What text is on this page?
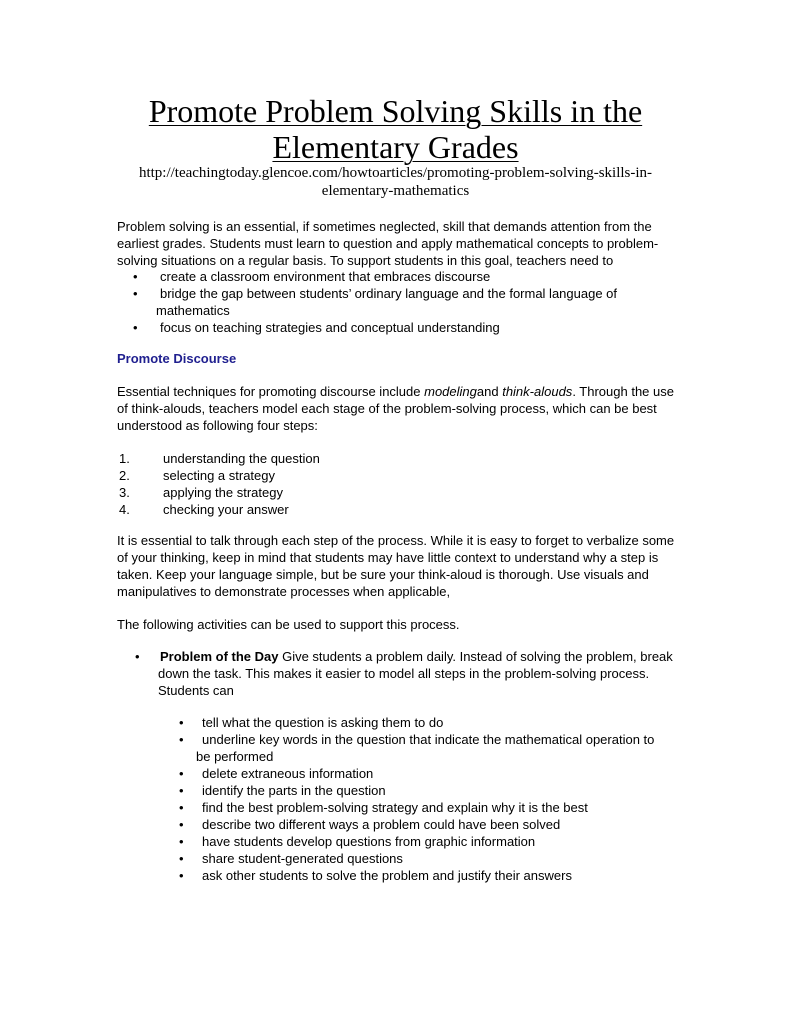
Promote Problem Solving Skills in the
Elementary Grades

http://teachingtoday.glencoe.com/howtoarticles/promoting-problem-solving-skills-in-
elementary-mathematics

Problem solving is an essential, if sometimes neglected, skill that demands attention from the earliest grades. Students must learn to question and apply mathematical concepts to problem-solving situations on a regular basis. To support students in this goal, teachers need to

• create a classroom environment that embraces discourse
• bridge the gap between students’ ordinary language and the formal language of
mathematics
• focus on teaching strategies and conceptual understanding
Promote Discourse

Essential techniques for promoting discourse include modelingand think-alouds. Through the use of think-alouds, teachers model each stage of the problem-solving process, which can be best understood as following four steps:

1.	understanding the question
2.	selecting a strategy
3.	applying the strategy
4.	checking your answer

It is essential to talk through each step of the process. While it is easy to forget to verbalize some of your thinking, keep in mind that students may have little context to understand why a step is taken. Keep your language simple, but be sure your think-aloud is thorough. Use visuals and manipulatives to demonstrate processes when applicable,

The following activities can be used to support this process.

• Problem of the Day Give students a problem daily. Instead of solving the problem, break
down the task. This makes it easier to model all steps in the problem-solving process.
Students can
• tell what the question is asking them to do
• underline key words in the question that indicate the mathematical operation to
be performed
• delete extraneous information
• identify the parts in the question
• find the best problem-solving strategy and explain why it is the best
• describe two different ways a problem could have been solved
• have students develop questions from graphic information
• share student-generated questions
• ask other students to solve the problem and justify their answers
